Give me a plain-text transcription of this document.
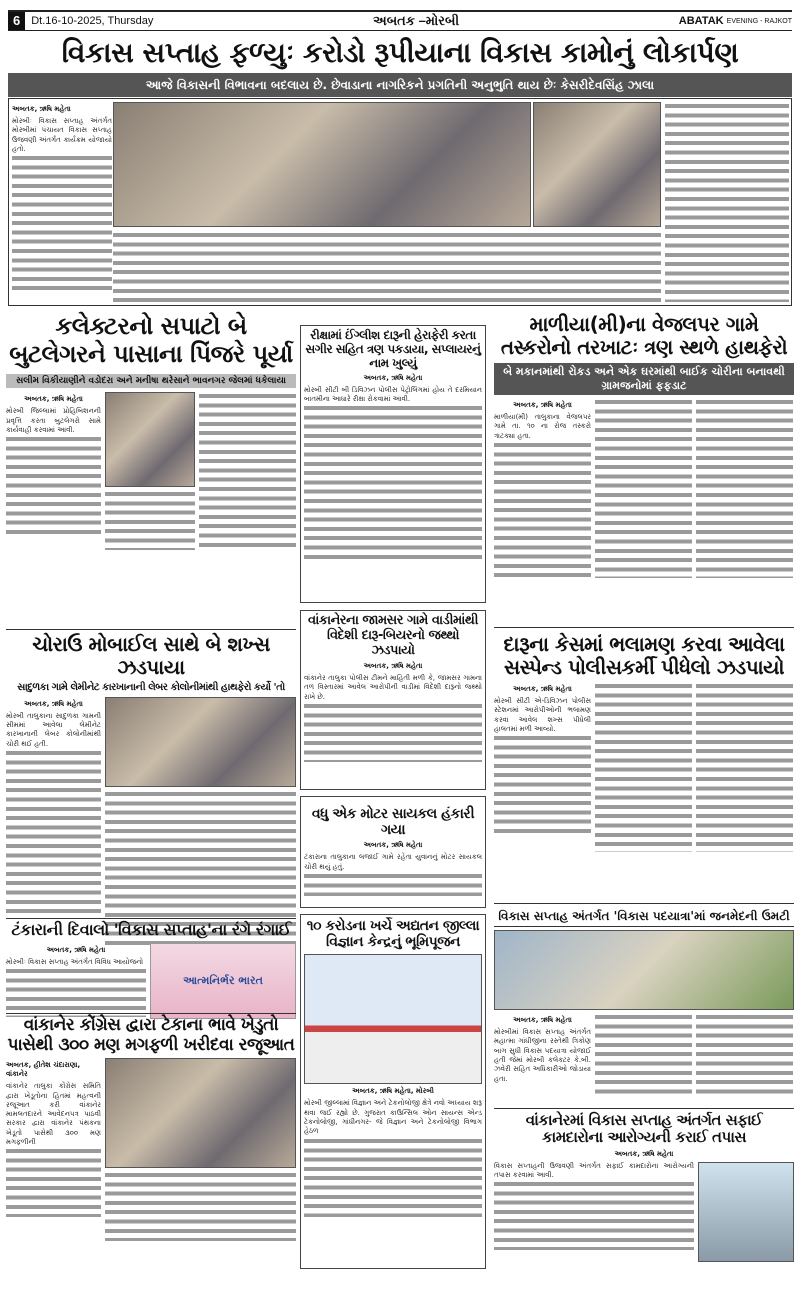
6	Dt.16-10-2025, Thursday	અબતક –મોરબી	ABATAK
EVENING - RAJKOT
વિકાસ સપ્તાહ ફળ્યુઃ કરોડો રૂપીયાના વિકાસ કામોનું લોકાર્પણ
આજે વિકાસની વિભાવના બદલાય છે. છેવાડાના નાગરિકને પ્રગતિની અનુભુતિ થાય છેઃ કેસરીદેવસિંહ ઝાલા
અબતક, ઋષિ મહેતા
મોરબીઃ વિકાસ સપ્તાહ અંતર્ગત મોરબીમાં પંચાયત વિકાસ સપ્તાહ ઉજવણી અંતર્ગત કાર્યક્રમ યોજાયો હતો.
કલેક્ટરનો સપાટો બે બુટલેગરને પાસાના પિંજરે પૂર્યા
સલીમ વિકીયાણીને વડોદરા અને મનીષા થરેસાને ભાવનગર જેલમાં ધકેલાયા
અબતક, ઋષિ મહેતા
મોરબી જિલ્લામાં પ્રોહિબિશનની પ્રવૃત્તિ કરતા બુટલેગરો સામે કાર્યવાહી કરવામાં આવી.
ચોરાઉ મોબાઈલ સાથે બે શખ્સ ઝડપાયા
સાદુળકા ગામે લેમીનેટ કારખાનાની લેબર કોલોનીમાંથી હાથફેરો કર્યો 'તો
અબતક, ઋષિ મહેતા
મોરબી તાલુકાના સાદુળકા ગામની સીમમાં આવેલા લેમીનેટ કારખાનાની લેબર કોલોનીમાંથી ચોરી થઈ હતી.
ટંકારાની દિવાલો 'વિકાસ સપ્તાહ'ના રંગે રંગાઈ
અબતક, ઋષિ મહેતા
મોરબીઃ વિકાસ સપ્તાહ અંતર્ગત વિવિધ આયોજનો
આત્મનિર્ભર ભારત
વાંકાનેર કોંગ્રેસ દ્વારા ટેકાના ભાવે ખેડુતો પાસેથી ૩૦૦ મણ મગફળી ખરીદવા રજૂઆત
અબતક, હીતેશ ચંદારાણા, વાંકાનેર
વાંકાનેર તાલુકા કોંગ્રેસ સમિતિ દ્વારા ખેડૂતોના હિતમાં મહત્વની રજૂઆત કરી વાંકાનેર મામલતદારને આવેદનપત્ર પાઠવી સરકાર દ્વારા વાંકાનેર પંથકના ખેડૂતો પાસેથી ૩૦૦ મણ મગફળીની
રીક્ષામાં ઈંગ્લીશ દારૂની હેરાફેરી કરતા સગીર સહિત ત્રણ પકડાયા, સપ્લાયરનું નામ ખુલ્યું
અબતક, ઋષિ મહેતા
મોરબી સીટી બી ડિવિઝન પોલીસ પેટ્રોલિંગમાં હોય તે દરમિયાન બાતમીના આધારે રીક્ષા રોકવામાં આવી.
વાંકાનેરના જામસર ગામે વાડીમાંથી વિદેશી દારૂ-બિયરનો જથ્થો ઝડપાયો
અબતક, ઋષિ મહેતા
વાંકાનેર તાલુકા પોલીસ ટીમને માહિતી મળી કે, જામસર ગામના તળ વિસ્તારમાં આવેલ આરોપીની વાડીમાં વિદેશી દારૂનો જથ્થો રાખે છે.
વધુ એક મોટર સાયકલ હંકારી ગયા
અબતક, ઋષિ મહેતા
ટંકારાના તાલુકાના લજાઈ ગામે રહેતા યુવાનનું મોટર સાયકલ ચોરી થયું હતું.
૧૦ કરોડના ખર્ચે અદ્યતન જીલ્લા વિજ્ઞાન કેન્દ્રનું ભૂમિપૂજન
અબતક, ઋષિ મહેતા, મોરબી
મોરબી જીલ્લામાં વિજ્ઞાન અને ટેકનોલોજી ક્ષેત્રે નવો અધ્યાય શરૂ થવા જઈ રહ્યો છે. ગુજરાત કાઉન્સિલ ઓન સાયન્સ એન્ડ ટેકનોલોજી, ગાંધીનગર- જે વિજ્ઞાન અને ટેકનોલોજી વિભાગ હેઠળ
માળીયા(મી)ના વેજલપર ગામે તસ્કરોનો તરખાટઃ ત્રણ સ્થળે હાથફેરો
બે મકાનમાંથી રોકડ અને એક ઘરમાંથી બાઈક ચોરીના બનાવથી ગ્રામજનોમાં ફફડાટ
અબતક, ઋષિ મહેતા
માળીયા(મી) તાલુકાના વેજલપર ગામે તા. ૧૦ ના રોજ તસ્કરો ત્રાટક્યા હતા.
દારૂના કેસમાં ભલામણ કરવા આવેલા સસ્પેન્ડ પોલીસકર્મી પીધેલો ઝડપાયો
અબતક, ઋષિ મહેતા
મોરબી સીટી એ-ડિવિઝન પોલીસ સ્ટેશનમાં આરોપીઓની ભલામણ કરવા આવેલ શખ્સ પીધેલી હાલતમાં મળી આવ્યો.
વિકાસ સપ્તાહ અંતર્ગત 'વિકાસ પદયાત્રા'માં જનમેદની ઉમટી
અબતક, ઋષિ મહેતા
મોરબીમાં વિકાસ સપ્તાહ અંતર્ગત મહાત્મા ગાંધીજીના રસ્તેથી ત્રિકોણ બાગ સુધી વિકાસ પદયાત્રા યોજાઈ હતી જેમાં મોરબી કલેક્ટર કે.બી. ઝવેરી સહિત અધિકારીઓ જોડાયા હતા.
વાંકાનેરમાં વિકાસ સપ્તાહ અંતર્ગત સફાઈ કામદારોના આરોગ્યની કરાઈ તપાસ
અબતક, ઋષિ મહેતા
વિકાસ સપ્તાહની ઉજવણી અંતર્ગત સફાઈ કામદારોના આરોગ્યની તપાસ કરવામાં આવી.
